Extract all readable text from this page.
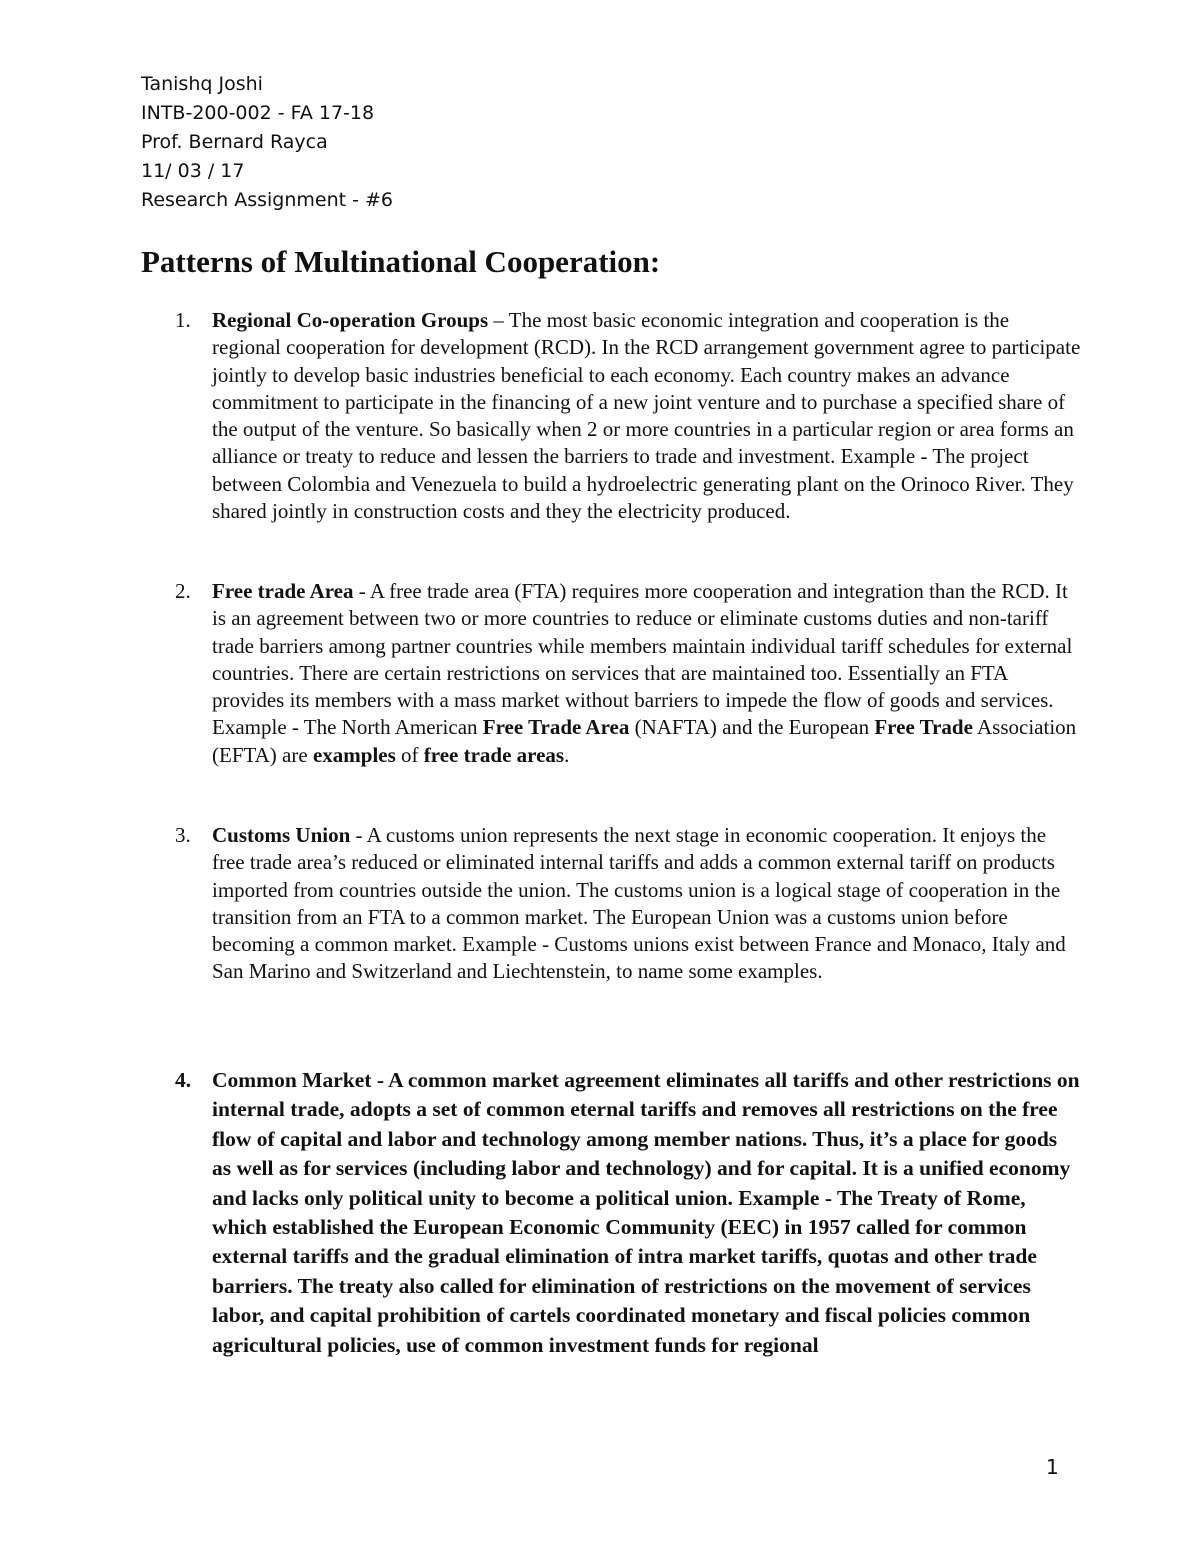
Tanishq Joshi
INTB-200-002 - FA 17-18
Prof. Bernard Rayca
11/ 03 / 17
Research Assignment - #6
Patterns of Multinational Cooperation:
1.	Regional Co-operation Groups – The most basic economic integration and cooperation is the regional cooperation for development (RCD). In the RCD arrangement government agree to participate jointly to develop basic industries beneficial to each economy. Each country makes an advance commitment to participate in the financing of a new joint venture and to purchase a specified share of the output of the venture. So basically when 2 or more countries in a particular region or area forms an alliance or treaty to reduce and lessen the barriers to trade and investment. Example - The project between Colombia and Venezuela to build a hydroelectric generating plant on the Orinoco River. They shared jointly in construction costs and they the electricity produced.
2.	Free trade Area - A free trade area (FTA) requires more cooperation and integration than the RCD. It is an agreement between two or more countries to reduce or eliminate customs duties and non-tariff trade barriers among partner countries while members maintain individual tariff schedules for external countries. There are certain restrictions on services that are maintained too. Essentially an FTA provides its members with a mass market without barriers to impede the flow of goods and services. Example - The North American Free Trade Area (NAFTA) and the European Free Trade Association (EFTA) are examples of free trade areas.
3.	Customs Union - A customs union represents the next stage in economic cooperation. It enjoys the free trade area’s reduced or eliminated internal tariffs and adds a common external tariff on products imported from countries outside the union. The customs union is a logical stage of cooperation in the transition from an FTA to a common market. The European Union was a customs union before becoming a common market. Example - Customs unions exist between France and Monaco, Italy and San Marino and Switzerland and Liechtenstein, to name some examples.
4. Common Market - A common market agreement eliminates all tariffs and other restrictions on internal trade, adopts a set of common eternal tariffs and removes all restrictions on the free flow of capital and labor and technology among member nations. Thus, it’s a place for goods as well as for services (including labor and technology) and for capital. It is a unified economy and lacks only political unity to become a political union. Example - The Treaty of Rome, which established the European Economic Community (EEC) in 1957 called for common external tariffs and the gradual elimination of intra market tariffs, quotas and other trade barriers. The treaty also called for elimination of restrictions on the movement of services labor, and capital prohibition of cartels coordinated monetary and fiscal policies common agricultural policies, use of common investment funds for regional
1
